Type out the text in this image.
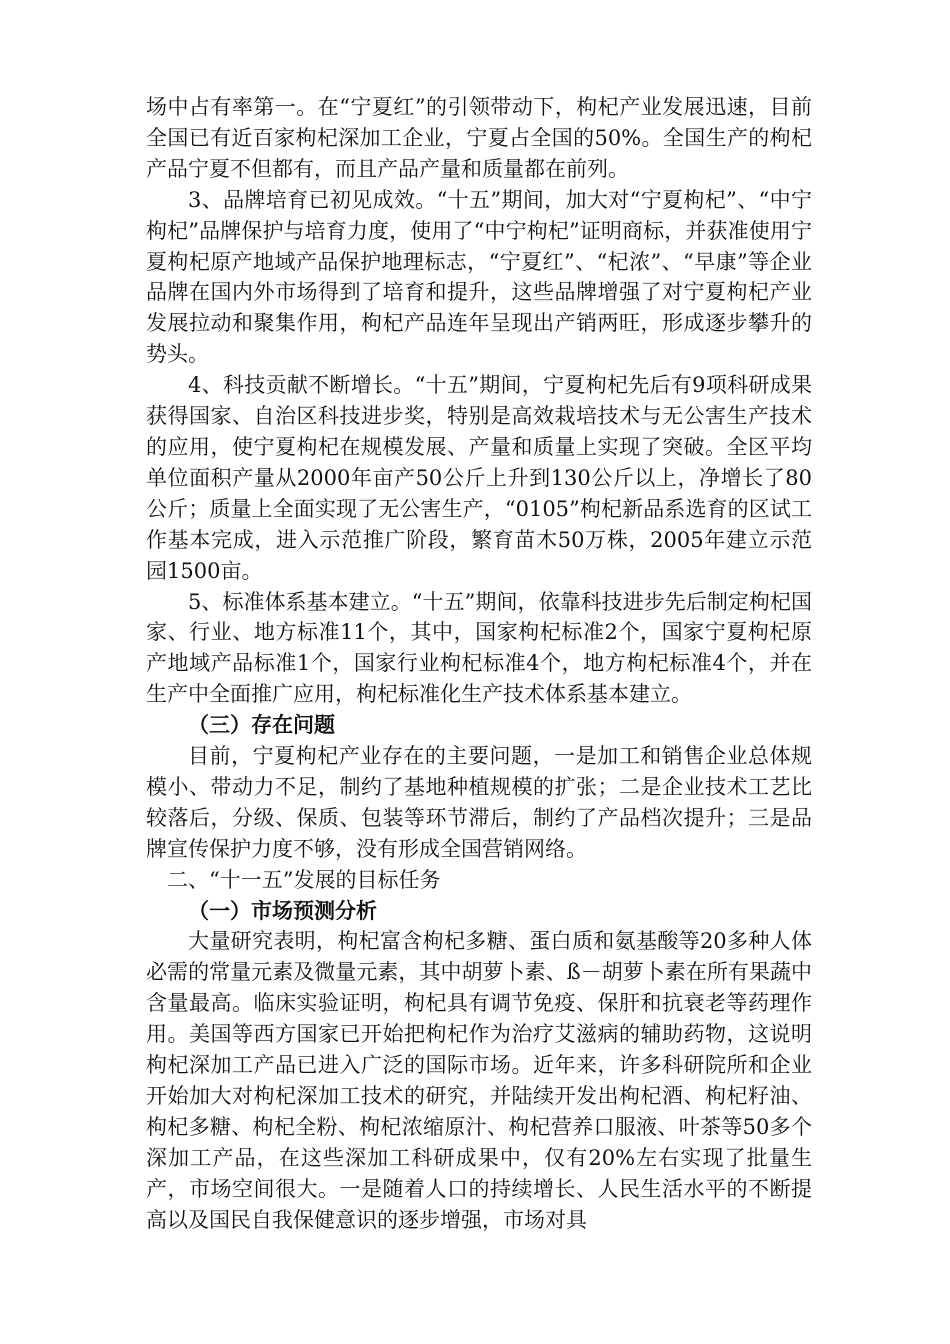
场中占有率第一。在“宁夏红”的引领带动下，枸杞产业发展迅速，目前全国已有近百家枸杞深加工企业，宁夏占全国的50%。全国生产的枸杞产品宁夏不但都有，而且产品产量和质量都在前列。

3、品牌培育已初见成效。“十五”期间，加大对“宁夏枸杞”、“中宁枸杞”品牌保护与培育力度，使用了“中宁枸杞”证明商标，并获准使用宁夏枸杞原产地域产品保护地理标志，“宁夏红”、“杞浓”、“早康”等企业品牌在国内外市场得到了培育和提升，这些品牌增强了对宁夏枸杞产业发展拉动和聚集作用，枸杞产品连年呈现出产销两旺，形成逐步攀升的势头。

4、科技贡献不断增长。“十五”期间，宁夏枸杞先后有9项科研成果获得国家、自治区科技进步奖，特别是高效栽培技术与无公害生产技术的应用，使宁夏枸杞在规模发展、产量和质量上实现了突破。全区平均单位面积产量从2000年亩产50公斤上升到130公斤以上，净增长了80公斤；质量上全面实现了无公害生产，“0105”枸杞新品系选育的区试工作基本完成，进入示范推广阶段，繁育苗木50万株，2005年建立示范园1500亩。

5、标准体系基本建立。“十五”期间，依靠科技进步先后制定枸杞国家、行业、地方标准11个，其中，国家枸杞标准2个，国家宁夏枸杞原产地域产品标准1个，国家行业枸杞标准4个，地方枸杞标准4个，并在生产中全面推广应用，枸杞标准化生产技术体系基本建立。

（三）存在问题

目前，宁夏枸杞产业存在的主要问题，一是加工和销售企业总体规模小、带动力不足，制约了基地种植规模的扩张；二是企业技术工艺比较落后，分级、保质、包装等环节滞后，制约了产品档次提升；三是品牌宣传保护力度不够，没有形成全国营销网络。

二、“十一五”发展的目标任务

（一）市场预测分析

大量研究表明，枸杞富含枸杞多糖、蛋白质和氨基酸等20多种人体必需的常量元素及微量元素，其中胡萝卜素、ß－胡萝卜素在所有果蔬中含量最高。临床实验证明，枸杞具有调节免疫、保肝和抗衰老等药理作用。美国等西方国家已开始把枸杞作为治疗艾滋病的辅助药物，这说明枸杞深加工产品已进入广泛的国际市场。近年来，许多科研院所和企业开始加大对枸杞深加工技术的研究，并陆续开发出枸杞酒、枸杞籽油、枸杞多糖、枸杞全粉、枸杞浓缩原汁、枸杞营养口服液、叶茶等50多个深加工产品，在这些深加工科研成果中，仅有20%左右实现了批量生产，市场空间很大。一是随着人口的持续增长、人民生活水平的不断提高以及国民自我保健意识的逐步增强，市场对具
